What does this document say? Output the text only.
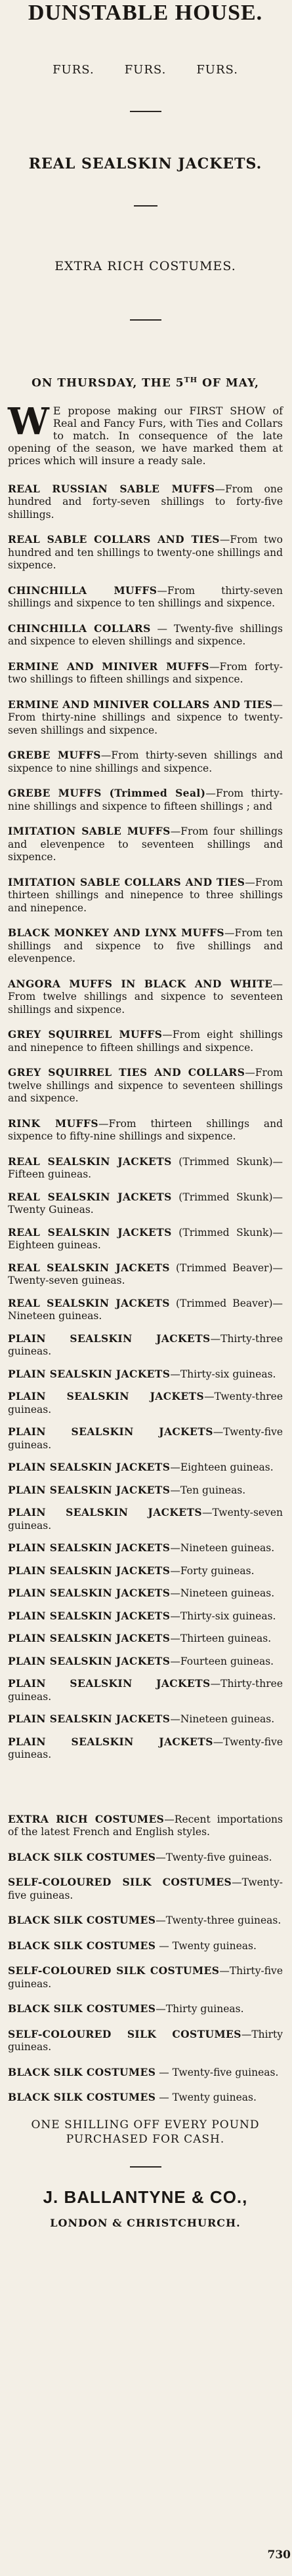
DUNSTABLE HOUSE.
FURS.	FURS.	FURS.
REAL SEALSKIN JACKETS.
EXTRA RICH COSTUMES.
ON THURSDAY, THE 5TH OF MAY,
W E propose making our FIRST SHOW of Real and Fancy Furs, with Ties and Collars to match. In consequence of the late opening of the season, we have marked them at prices which will insure a ready sale.
REAL RUSSIAN SABLE MUFFS—From one hundred and forty-seven shillings to forty-five shillings.
REAL SABLE COLLARS AND TIES—From two hundred and ten shillings to twenty-one shillings and sixpence.
CHINCHILLA MUFFS—From thirty-seven shillings and sixpence to ten shillings and sixpence.
CHINCHILLA COLLARS — Twenty-five shillings and sixpence to eleven shillings and sixpence.
ERMINE AND MINIVER MUFFS—From forty-two shillings to fifteen shillings and sixpence.
ERMINE AND MINIVER COLLARS AND TIES—From thirty-nine shillings and sixpence to twenty-seven shillings and sixpence.
GREBE MUFFS—From thirty-seven shillings and sixpence to nine shillings and sixpence.
GREBE MUFFS (Trimmed Seal)—From thirty-nine shillings and sixpence to fifteen shillings ; and
IMITATION SABLE MUFFS—From four shillings and elevenpence to seventeen shillings and sixpence.
IMITATION SABLE COLLARS AND TIES—From thirteen shillings and ninepence to three shillings and ninepence.
BLACK MONKEY AND LYNX MUFFS—From ten shillings and sixpence to five shillings and elevenpence.
ANGORA MUFFS IN BLACK AND WHITE—From twelve shillings and sixpence to seventeen shillings and sixpence.
GREY SQUIRREL MUFFS—From eight shillings and ninepence to fifteen shillings and sixpence.
GREY SQUIRREL TIES AND COLLARS—From twelve shillings and sixpence to seventeen shillings and sixpence.
RINK MUFFS—From thirteen shillings and sixpence to fifty-nine shillings and sixpence.
REAL SEALSKIN JACKETS (Trimmed Skunk)—Fifteen guineas.
REAL SEALSKIN JACKETS (Trimmed Skunk)—Twenty Guineas.
REAL SEALSKIN JACKETS (Trimmed Skunk)—Eighteen guineas.
REAL SEALSKIN JACKETS (Trimmed Beaver)—Twenty-seven guineas.
REAL SEALSKIN JACKETS (Trimmed Beaver)—Nineteen guineas.
PLAIN SEALSKIN JACKETS—Thirty-three guineas.
PLAIN SEALSKIN JACKETS—Thirty-six guineas.
PLAIN SEALSKIN JACKETS—Twenty-three guineas.
PLAIN SEALSKIN JACKETS—Twenty-five guineas.
PLAIN SEALSKIN JACKETS—Eighteen guineas.
PLAIN SEALSKIN JACKETS—Ten guineas.
PLAIN SEALSKIN JACKETS—Twenty-seven guineas.
PLAIN SEALSKIN JACKETS—Nineteen guineas.
PLAIN SEALSKIN JACKETS—Forty guineas.
PLAIN SEALSKIN JACKETS—Nineteen guineas.
PLAIN SEALSKIN JACKETS—Thirty-six guineas.
PLAIN SEALSKIN JACKETS—Thirteen guineas.
PLAIN SEALSKIN JACKETS—Fourteen guineas.
PLAIN SEALSKIN JACKETS—Thirty-three guineas.
PLAIN SEALSKIN JACKETS—Nineteen guineas.
PLAIN SEALSKIN JACKETS—Twenty-five guineas.
EXTRA RICH COSTUMES—Recent importations of the latest French and English styles.
BLACK SILK COSTUMES—Twenty-five guineas.
SELF-COLOURED SILK COSTUMES—Twenty-five guineas.
BLACK SILK COSTUMES—Twenty-three guineas.
BLACK SILK COSTUMES — Twenty guineas.
SELF-COLOURED SILK COSTUMES—Thirty-five guineas.
BLACK SILK COSTUMES—Thirty guineas.
SELF-COLOURED SILK COSTUMES—Thirty guineas.
BLACK SILK COSTUMES — Twenty-five guineas.
BLACK SILK COSTUMES — Twenty guineas.
ONE SHILLING OFF EVERY POUND PURCHASED FOR CASH.
J. BALLANTYNE & CO.,
LONDON & CHRISTCHURCH.
730
